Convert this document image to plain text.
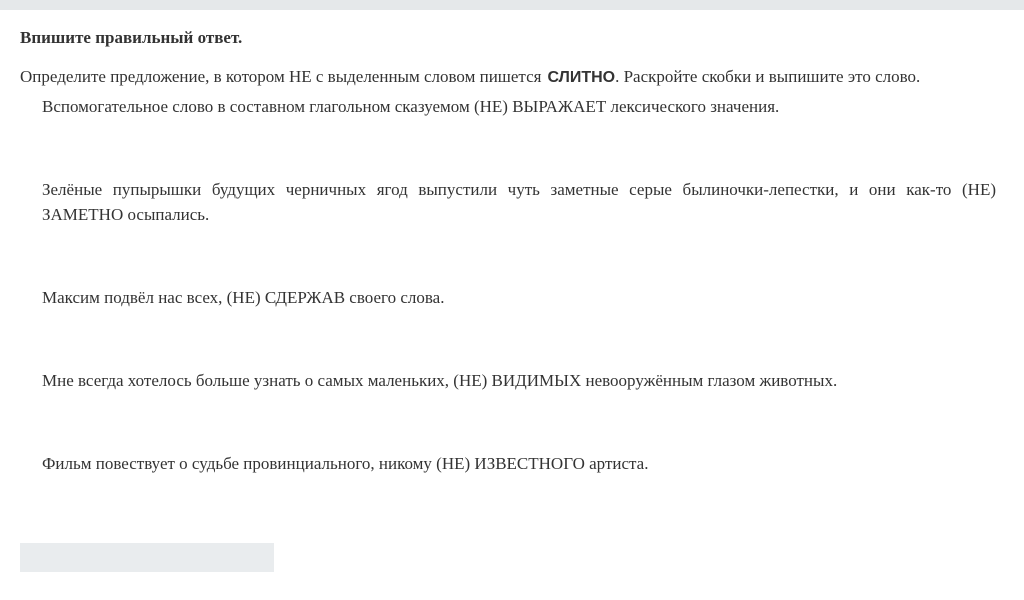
Впишите правильный ответ.
Определите предложение, в котором НЕ с выделенным словом пишется СЛИТНО. Раскройте скобки и выпишите это слово.
Вспомогательное слово в составном глагольном сказуемом (НЕ) ВЫРАЖАЕТ лексического значения.
Зелёные пупырышки будущих черничных ягод выпустили чуть заметные серые былиночки-лепестки, и они как-то (НЕ) ЗАМЕТНО осыпались.
Максим подвёл нас всех, (НЕ) СДЕРЖАВ своего слова.
Мне всегда хотелось больше узнать о самых маленьких, (НЕ) ВИДИМЫХ невооружённым глазом животных.
Фильм повествует о судьбе провинциального, никому (НЕ) ИЗВЕСТНОГО артиста.
